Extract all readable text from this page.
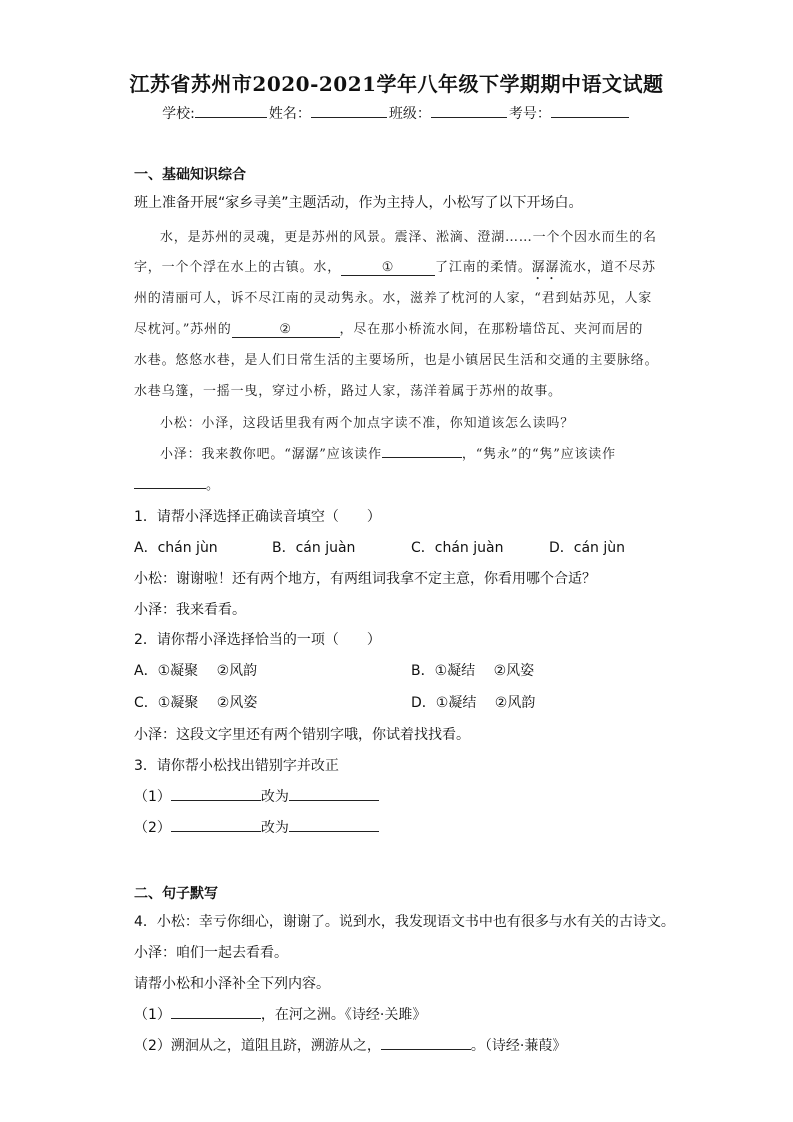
江苏省苏州市2020-2021学年八年级下学期期中语文试题
学校:	姓名：	班级：	考号：
一、基础知识综合
班上准备开展“家乡寻美”主题活动，作为主持人，小松写了以下开场白。
水，是苏州的灵魂，更是苏州的风景。震泽、淞滴、澄湖……一个个因水而生的名
字，一个个浮在水上的古镇。水，	①	了江南的柔情。潺潺流水，道不尽苏
州的清丽可人，诉不尽江南的灵动隽永。水，滋养了枕河的人家，“君到姑苏见，人家
尽枕河。”苏州的	②	，尽在那小桥流水间，在那粉墙岱瓦、夹河而居的
水巷。悠悠水巷，是人们日常生活的主要场所，也是小镇居民生活和交通的主要脉络。
水巷乌篷，一摇一曳，穿过小桥，路过人家，荡洋着属于苏州的故事。
小松：小泽，这段话里我有两个加点字读不准，你知道该怎么读吗？
小泽：我来教你吧。“潺潺”应该读作	，“隽永”的“隽”应该读作
。
1．请帮小泽选择正确读音填空（　　）
A．chán jùn	B．cán juàn	C．chán juàn	D．cán jùn
小松：谢谢啦！还有两个地方，有两组词我拿不定主意，你看用哪个合适？
小泽：我来看看。
2．请你帮小泽选择恰当的一项（　　）
A．①凝聚　 ②风韵	B．①凝结　 ②风姿
C．①凝聚　 ②风姿	D．①凝结　 ②风韵
小泽：这段文字里还有两个错别字哦，你试着找找看。
3．请你帮小松找出错别字并改正
（1）	改为
（2）	改为
二、句子默写
4．小松：幸亏你细心，谢谢了。说到水，我发现语文书中也有很多与水有关的古诗文。
小泽：咱们一起去看看。
请帮小松和小泽补全下列内容。
（1）	，在河之洲。《诗经·关雎》
（2）溯洄从之，道阻且跻，溯游从之，	。（诗经·蒹葭》
